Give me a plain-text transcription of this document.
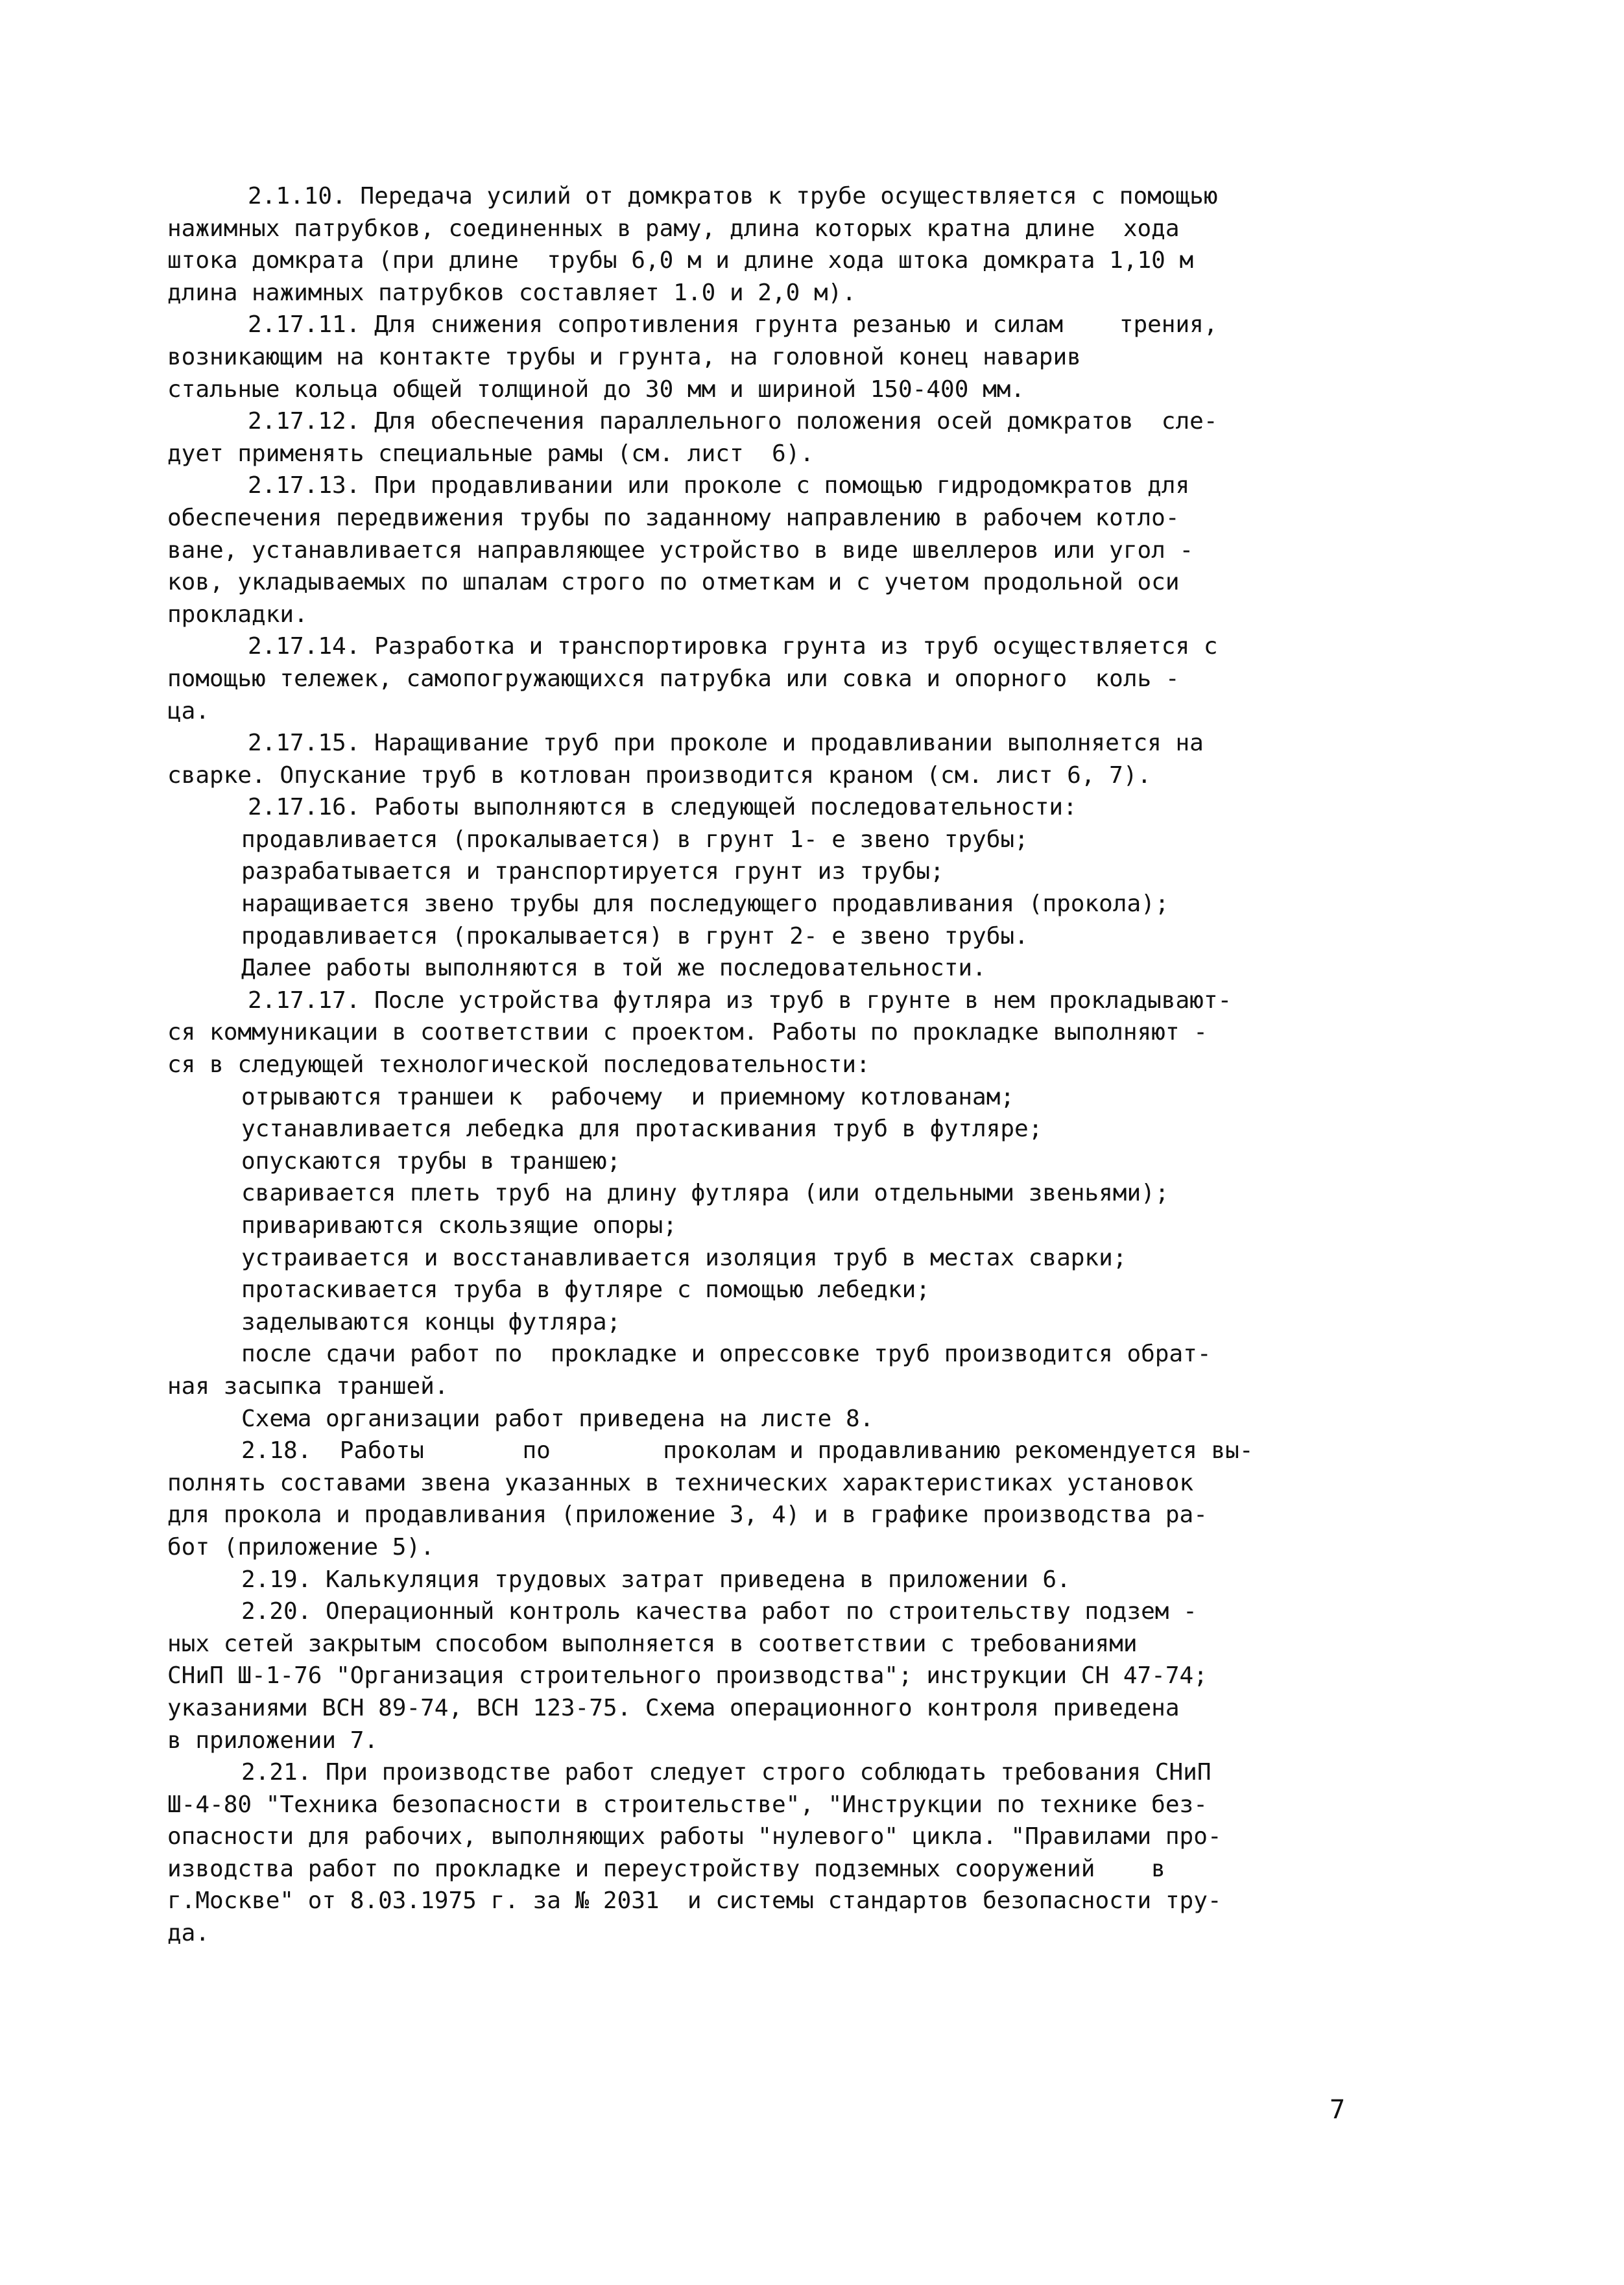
2.1.10. Передача усилий от домкратов к трубе осуществляется с помощью
нажимных патрубков, соединенных в раму, длина которых кратна длине  хода
штока домкрата (при длине  трубы 6,0 м и длине хода штока домкрата 1,10 м
длина нажимных патрубков составляет 1.0 и 2,0 м).
2.17.11. Для снижения сопротивления грунта резанью и силам    трения,
возникающим на контакте трубы и грунта, на головной конец наварив
стальные кольца общей толщиной до 30 мм и шириной 150-400 мм.
2.17.12. Для обеспечения параллельного положения осей домкратов  сле-
дует применять специальные рамы (см. лист  6).
2.17.13. При продавливании или проколе с помощью гидродомкратов для
обеспечения передвижения трубы по заданному направлению в рабочем котло-
ване, устанавливается направляющее устройство в виде швеллеров или угол -
ков, укладываемых по шпалам строго по отметкам и с учетом продольной оси
прокладки.
2.17.14. Разработка и транспортировка грунта из труб осуществляется с
помощью тележек, самопогружающихся патрубка или совка и опорного  коль -
ца.
2.17.15. Наращивание труб при проколе и продавливании выполняется на
сварке. Опускание труб в котлован производится краном (см. лист 6, 7).
2.17.16. Работы выполняются в следующей последовательности:
продавливается (прокалывается) в грунт 1- е звено трубы;
разрабатывается и транспортируется грунт из трубы;
наращивается звено трубы для последующего продавливания (прокола);
продавливается (прокалывается) в грунт 2- е звено трубы.
Далее работы выполняются в той же последовательности.
2.17.17. После устройства футляра из труб в грунте в нем прокладывают-
ся коммуникации в соответствии с проектом. Работы по прокладке выполняют -
ся в следующей технологической последовательности:
отрываются траншеи к  рабочему  и приемному котлованам;
устанавливается лебедка для протаскивания труб в футляре;
опускаются трубы в траншею;
сваривается плеть труб на длину футляра (или отдельными звеньями);
привариваются скользящие опоры;
устраивается и восстанавливается изоляция труб в местах сварки;
протаскивается труба в футляре с помощью лебедки;
заделываются концы футляра;
после сдачи работ по  прокладке и опрессовке труб производится обрат-
ная засыпка траншей.
Схема организации работ приведена на листе 8.
2.18.  Работы       по        проколам и продавливанию рекомендуется вы-
полнять составами звена указанных в технических характеристиках установок
для прокола и продавливания (приложение 3, 4) и в графике производства ра-
бот (приложение 5).
2.19. Калькуляция трудовых затрат приведена в приложении 6.
2.20. Операционный контроль качества работ по строительству подзем -
ных сетей закрытым способом выполняется в соответствии с требованиями
СНиП Ш-1-76 "Организация строительного производства"; инструкции СН 47-74;
указаниями ВСН 89-74, ВСН 123-75. Схема операционного контроля приведена
в приложении 7.
2.21. При производстве работ следует строго соблюдать требования СНиП
Ш-4-80 "Техника безопасности в строительстве", "Инструкции по технике без-
опасности для рабочих, выполняющих работы "нулевого" цикла. "Правилами про-
изводства работ по прокладке и переустройству подземных сооружений    в
г.Москве" от 8.03.1975 г. за № 2031  и системы стандартов безопасности тру-
да.
7
